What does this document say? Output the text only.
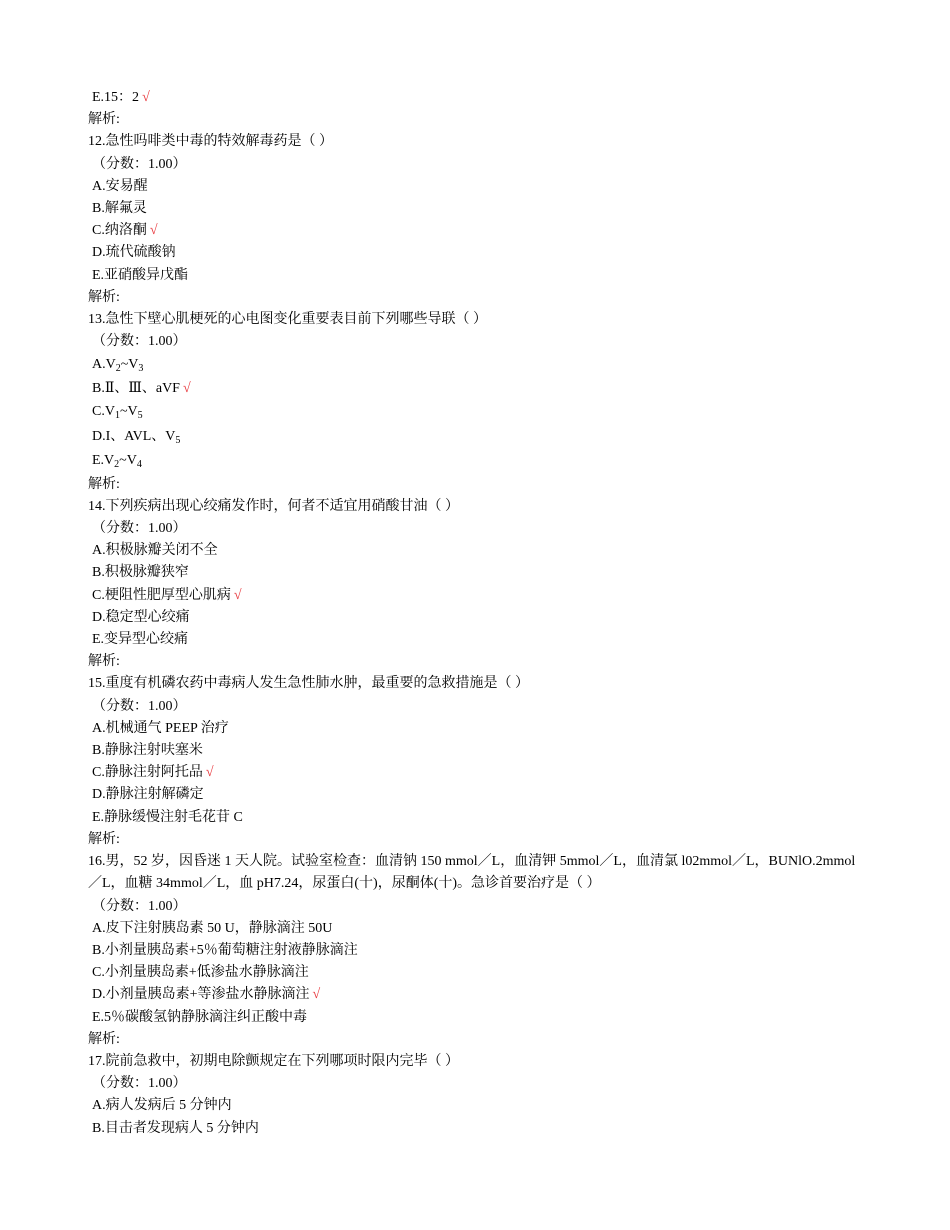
E.15：2 √
解析:
12.急性吗啡类中毒的特效解毒药是（ ）
（分数：1.00）
A.安易醒
B.解氟灵
C.纳洛酮 √
D.琉代硫酸钠
E.亚硝酸异戊酯
解析:
13.急性下壁心肌梗死的心电图变化重要表目前下列哪些导联（ ）
（分数：1.00）
$A.V_2\sim V_3$
B.Ⅱ、Ⅲ、aVF √
$C.V_1\sim V_5$
D.I、AVL、$V_5$
$E.V_2\sim V_4$
解析:
14.下列疾病出现心绞痛发作时，何者不适宜用硝酸甘油（ ）
（分数：1.00）
A.积极脉瓣关闭不全
B.积极脉瓣狭窄
C.梗阻性肥厚型心肌病 √
D.稳定型心绞痛
E.变异型心绞痛
解析:
15.重度有机磷农药中毒病人发生急性肺水肿，最重要的急救措施是（ ）
（分数：1.00）
A.机械通气 PEEP 治疗
B.静脉注射呋塞米
C.静脉注射阿托品 √
D.静脉注射解磷定
E.静脉缓慢注射毛花苷 C
解析:
16.男，52 岁，因昏迷 1 天人院。试验室检查：血清钠 150 mmol／L，血清钾 5mmol／L，血清氯 l02mmol／L，BUNlO.2mmol／L，血糖 34mmol／L，血 pH7.24，尿蛋白(十)，尿酮体(十)。急诊首要治疗是（ ）
（分数：1.00）
A.皮下注射胰岛素 50 U，静脉滴注 50U
B.小剂量胰岛素+5％葡萄糖注射液静脉滴注
C.小剂量胰岛素+低渗盐水静脉滴注
D.小剂量胰岛素+等渗盐水静脉滴注 √
E.5％碳酸氢钠静脉滴注纠正酸中毒
解析:
17.院前急救中，初期电除颤规定在下列哪项时限内完毕（ ）
（分数：1.00）
A.病人发病后 5 分钟内
B.目击者发现病人 5 分钟内
